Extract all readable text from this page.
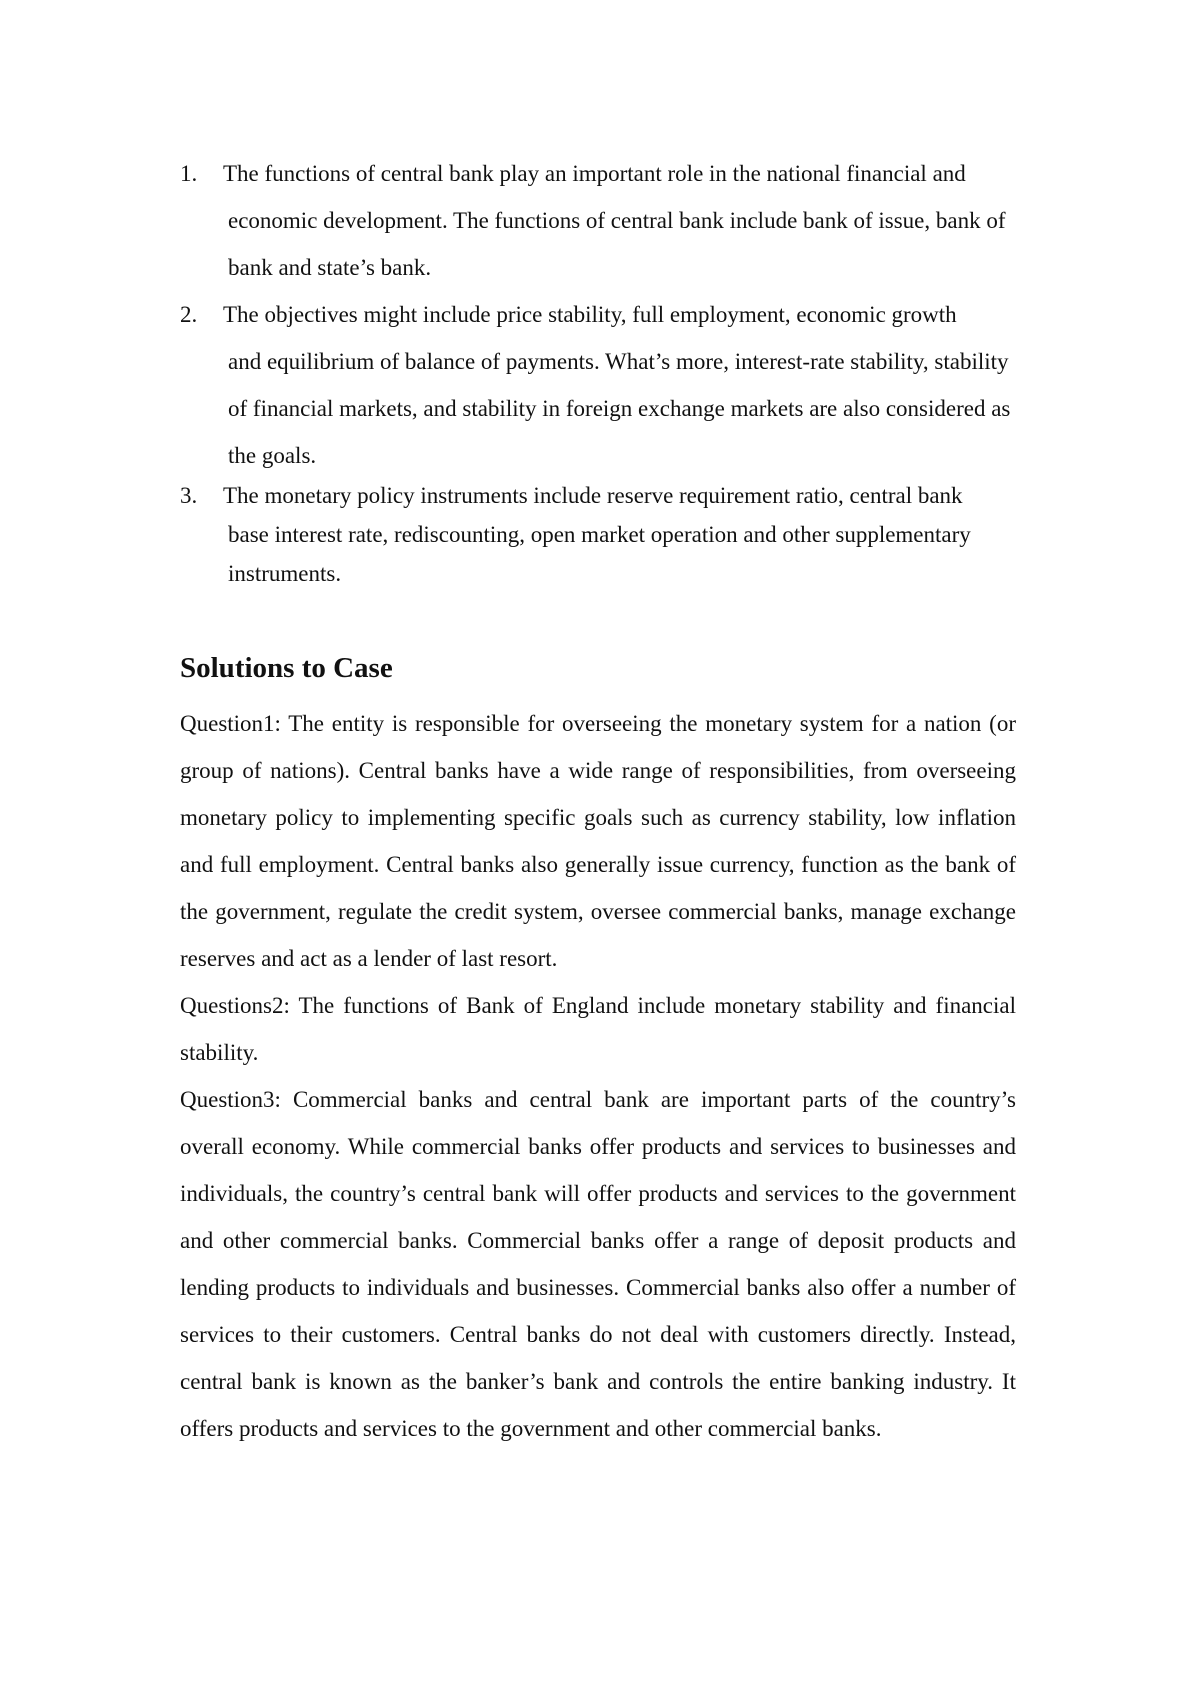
1. The functions of central bank play an important role in the national financial and
economic development. The functions of central bank include bank of issue, bank of bank and state’s bank.
2. The objectives might include price stability, full employment, economic growth
and equilibrium of balance of payments. What’s more, interest-rate stability, stability of financial markets, and stability in foreign exchange markets are also considered as the goals.
3. The monetary policy instruments include reserve requirement ratio, central bank
base interest rate, rediscounting, open market operation and other supplementary instruments.
Solutions to Case

Question1: The entity is responsible for overseeing the monetary system for a nation (or group of nations). Central banks have a wide range of responsibilities, from overseeing monetary policy to implementing specific goals such as currency stability, low inflation and full employment. Central banks also generally issue currency, function as the bank of the government, regulate the credit system, oversee commercial banks, manage exchange reserves and act as a lender of last resort.

Questions2: The functions of Bank of England include monetary stability and financial stability.

Question3: Commercial banks and central bank are important parts of the country’s overall economy. While commercial banks offer products and services to businesses and individuals, the country’s central bank will offer products and services to the government and other commercial banks. Commercial banks offer a range of deposit products and lending products to individuals and businesses. Commercial banks also offer a number of services to their customers. Central banks do not deal with customers directly. Instead, central bank is known as the banker’s bank and controls the entire banking industry. It offers products and services to the government and other commercial banks.
